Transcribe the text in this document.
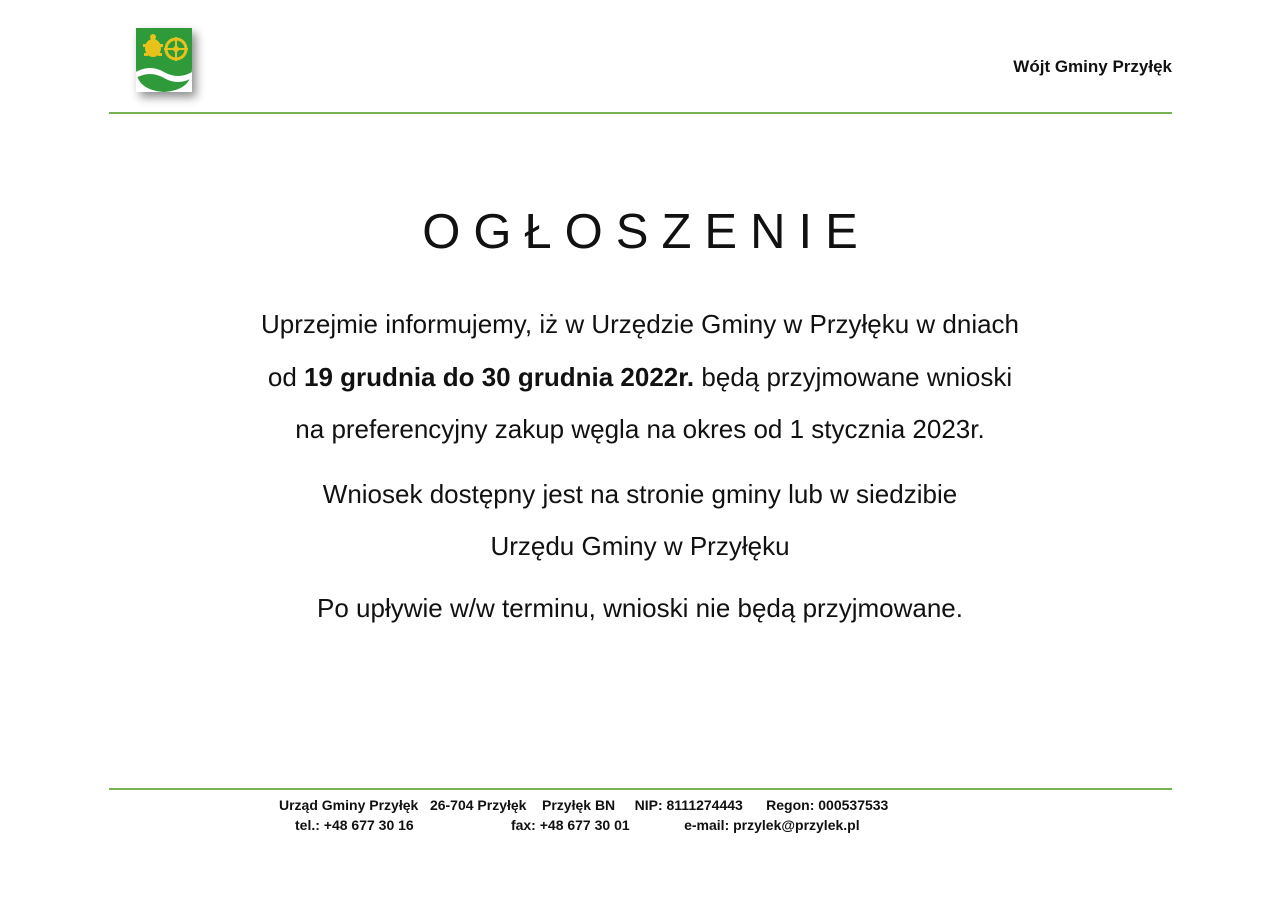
Wójt Gminy Przyłęk
OGŁOSZENIE
Uprzejmie informujemy, iż w Urzędzie Gminy w Przyłęku w dniach
od 19 grudnia do 30 grudnia 2022r. będą przyjmowane wnioski
na preferencyjny zakup węgla na okres od 1 stycznia 2023r.
Wniosek dostępny jest na stronie gminy lub w siedzibie
Urzędu Gminy w Przyłęku
Po upływie w/w terminu, wnioski nie będą przyjmowane.
Urząd Gminy Przyłęk   26-704 Przyłęk    Przyłęk BN     NIP: 8111274443      Regon: 000537533
tel.: +48 677 30 16                         fax: +48 677 30 01              e-mail: przylek@przylek.pl
